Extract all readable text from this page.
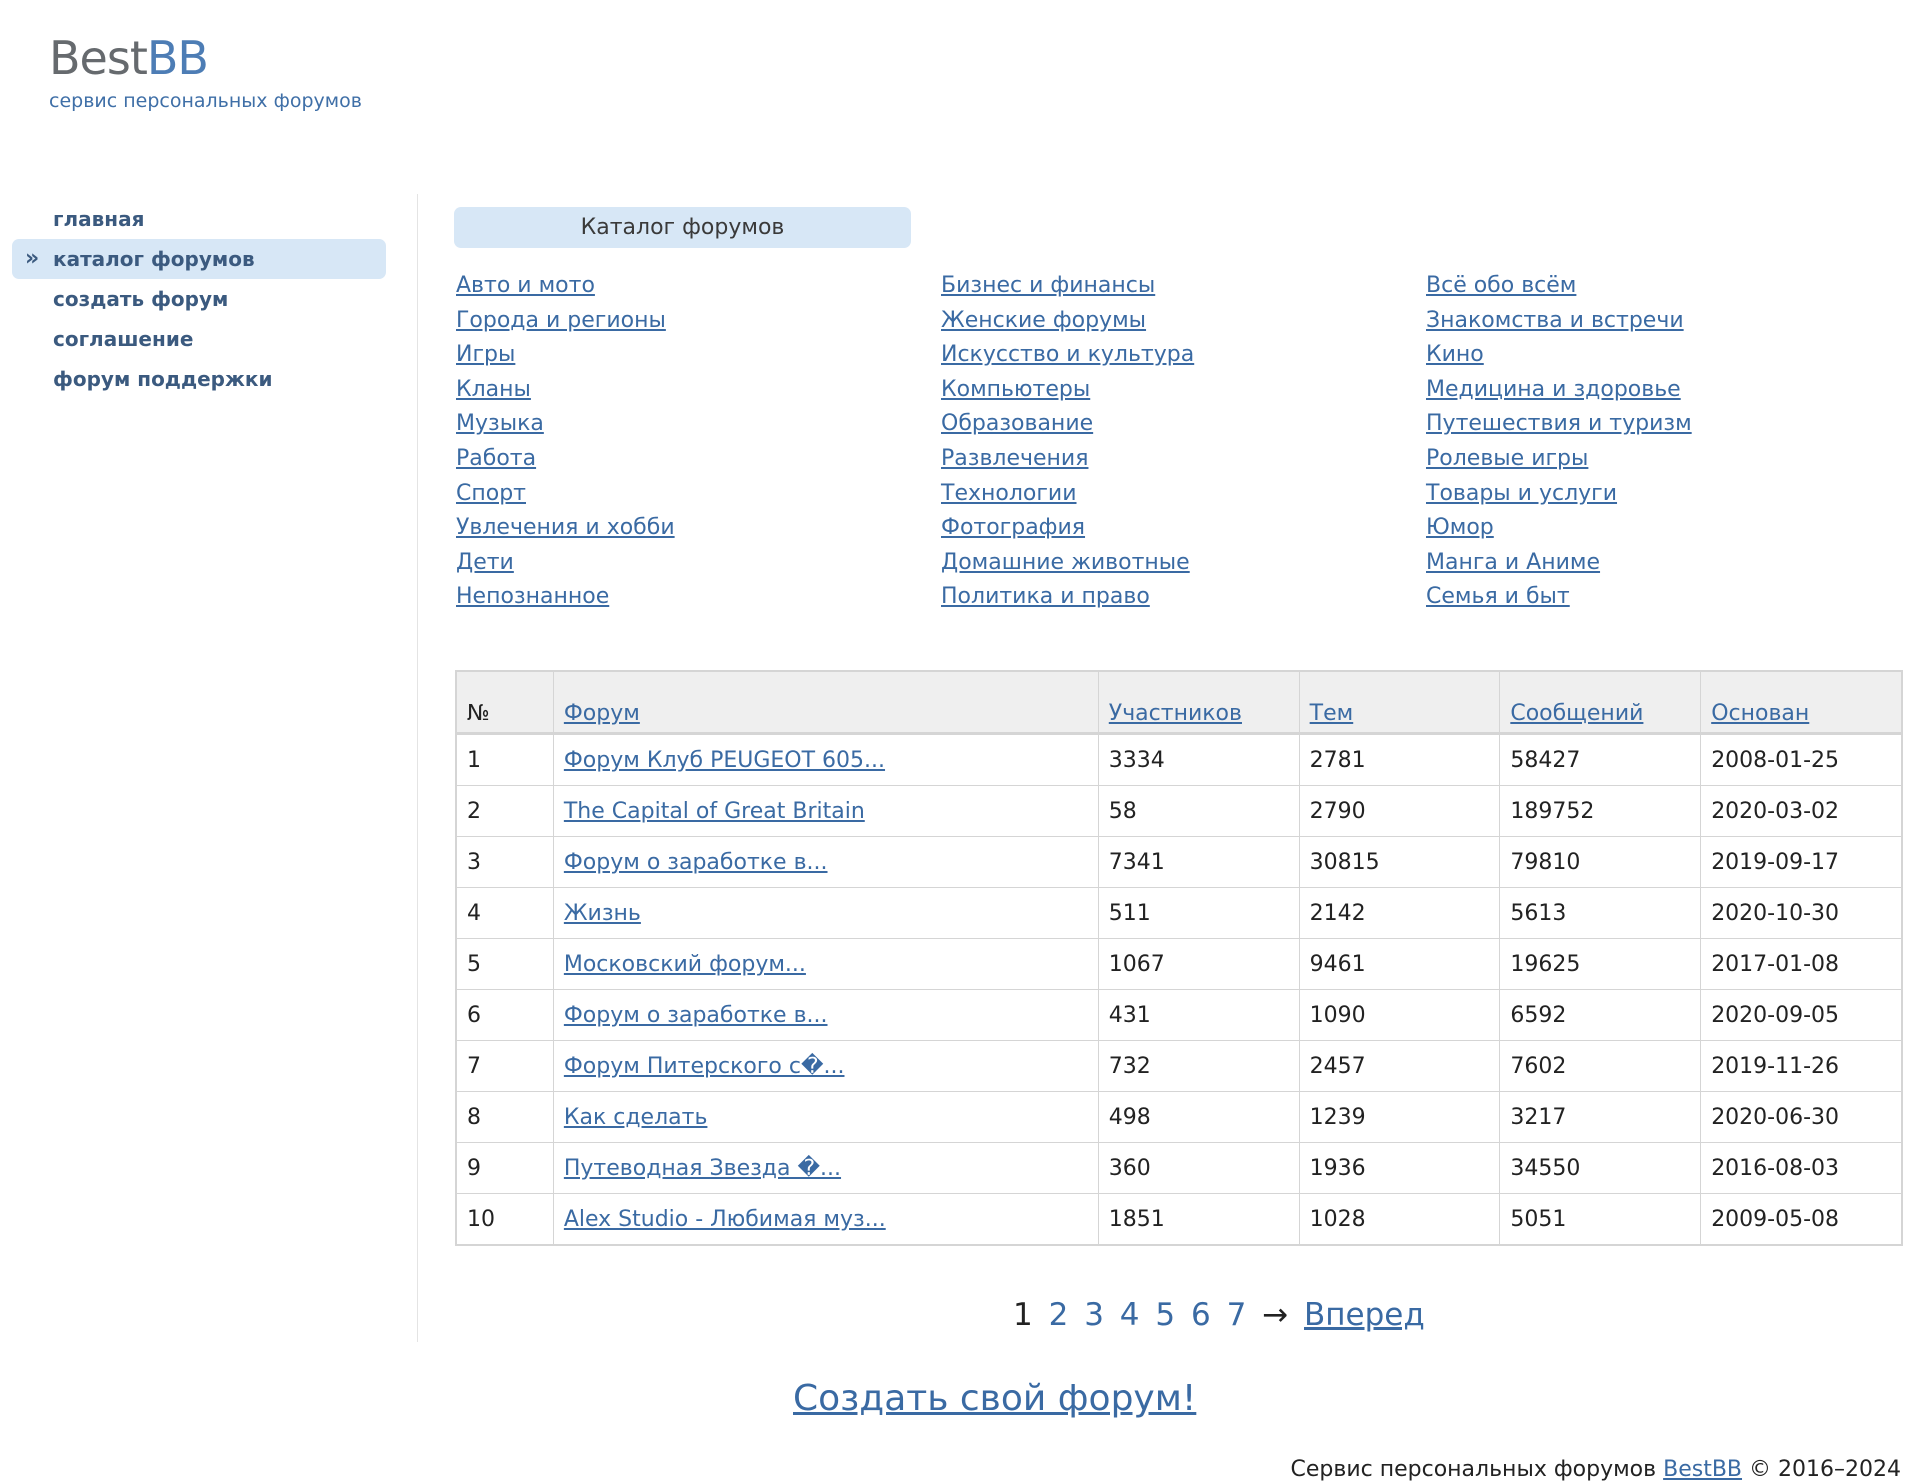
BestBB
сервис персональных форумов
главная
» каталог форумов
создать форум
соглашение
форум поддержки
Каталог форумов
Авто и мото
Города и регионы
Игры
Кланы
Музыка
Работа
Спорт
Увлечения и хобби
Дети
Непознанное
Бизнес и финансы
Женские форумы
Искусство и культура
Компьютеры
Образование
Развлечения
Технологии
Фотография
Домашние животные
Политика и право
Всё обо всём
Знакомства и встречи
Кино
Медицина и здоровье
Путешествия и туризм
Ролевые игры
Товары и услуги
Юмор
Манга и Аниме
Семья и быт
№	Форум	Участников	Тем	Сообщений	Основан
1	Форум Клуб PEUGEOT 605...	3334	2781	58427	2008-01-25
2	The Capital of Great Britain	58	2790	189752	2020-03-02
3	Форум о заработке в...	7341	30815	79810	2019-09-17
4	Жизнь	511	2142	5613	2020-10-30
5	Московский форум...	1067	9461	19625	2017-01-08
6	Форум о заработке в...	431	1090	6592	2020-09-05
7	Форум Питерского с�...	732	2457	7602	2019-11-26
8	Как сделать	498	1239	3217	2020-06-30
9	Путеводная Звезда �...	360	1936	34550	2016-08-03
10	Alex Studio - Любимая муз...	1851	1028	5051	2009-05-08
1 2 3 4 5 6 7 → Вперед
Создать свой форум!
Сервис персональных форумов BestBB © 2016–2024
